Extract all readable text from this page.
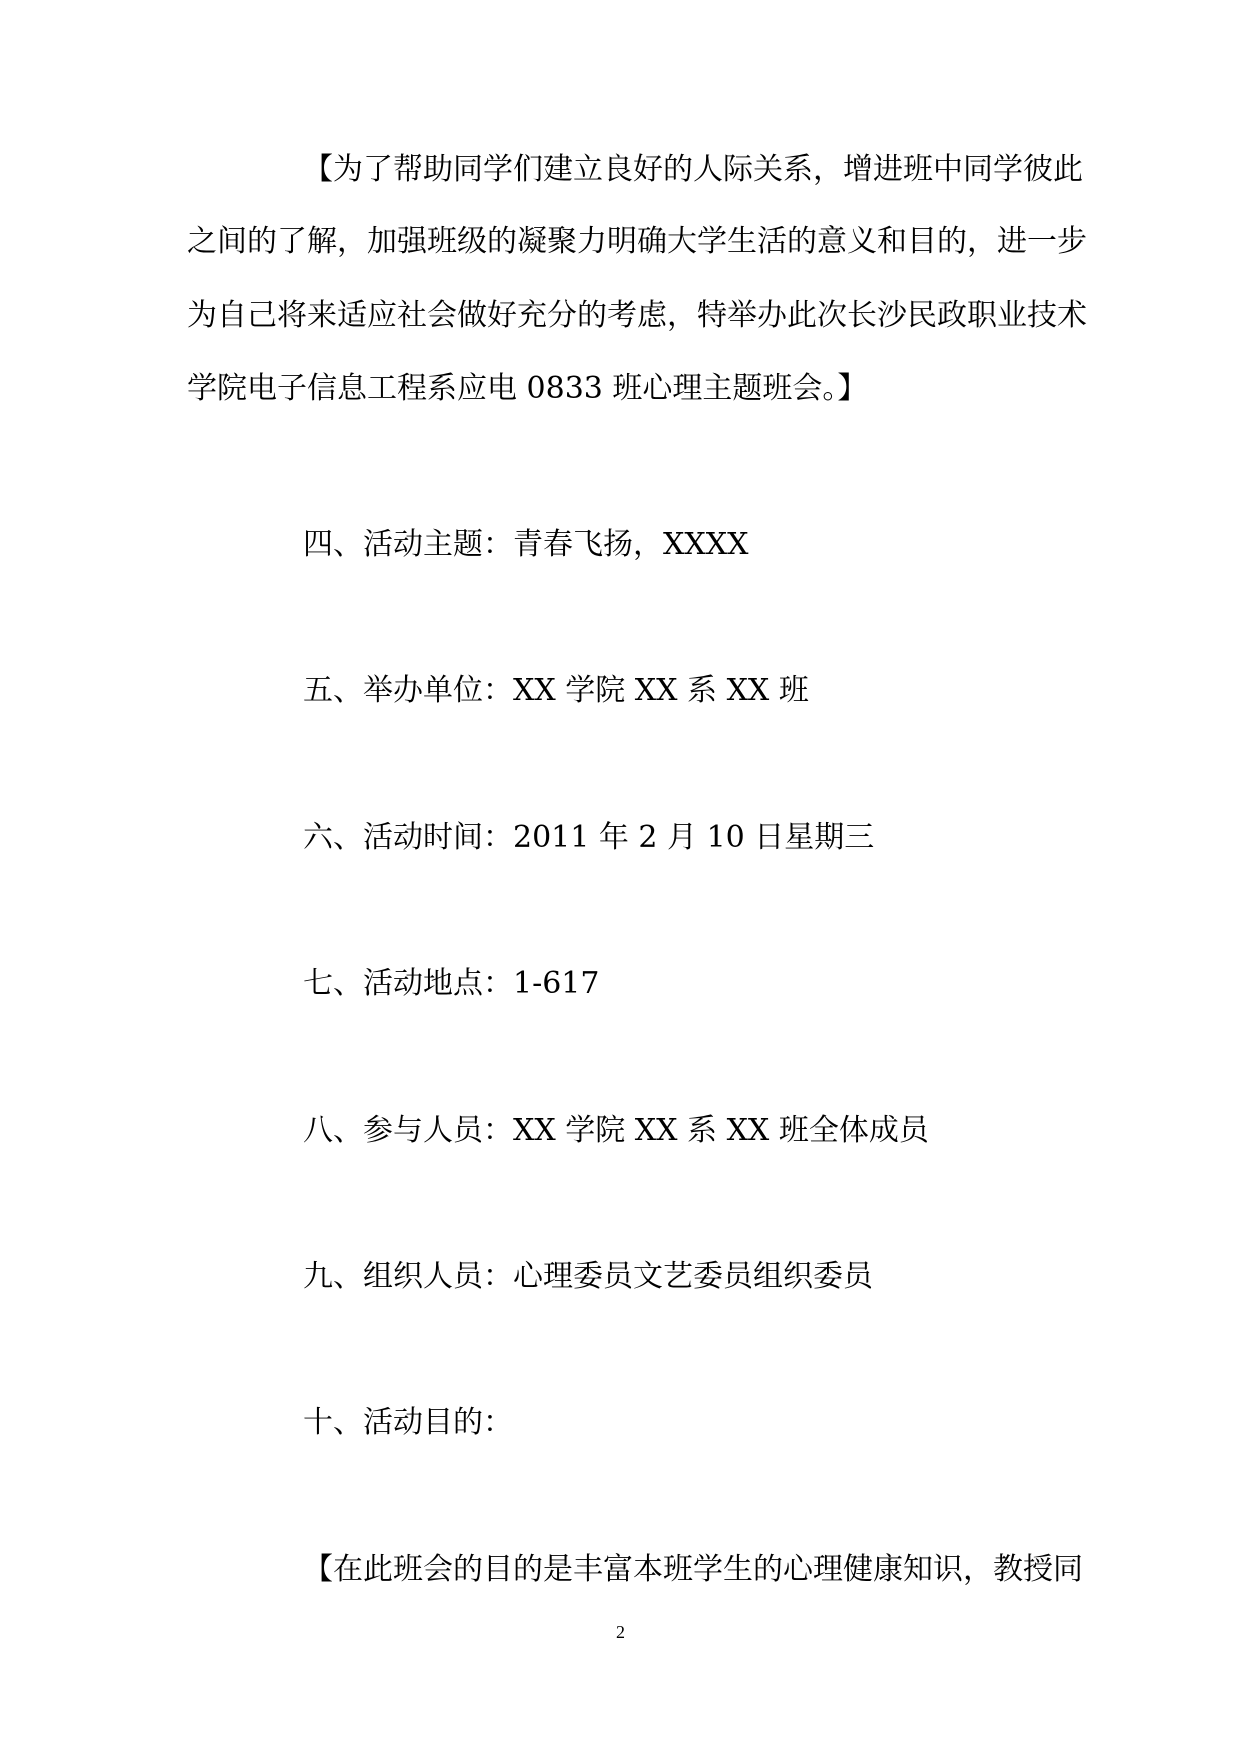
【为了帮助同学们建立良好的人际关系，增进班中同学彼此
之间的了解，加强班级的凝聚力明确大学生活的意义和目的，进一步
为自己将来适应社会做好充分的考虑，特举办此次长沙民政职业技术
学院电子信息工程系应电 0833 班心理主题班会。】
四、活动主题：青春飞扬，XXXX
五、举办单位：XX 学院 XX 系 XX 班
六、活动时间：2011 年 2 月 10 日星期三
七、活动地点：1-617
八、参与人员：XX 学院 XX 系 XX 班全体成员
九、组织人员：心理委员文艺委员组织委员
十、活动目的：
【在此班会的目的是丰富本班学生的心理健康知识，教授同
2
